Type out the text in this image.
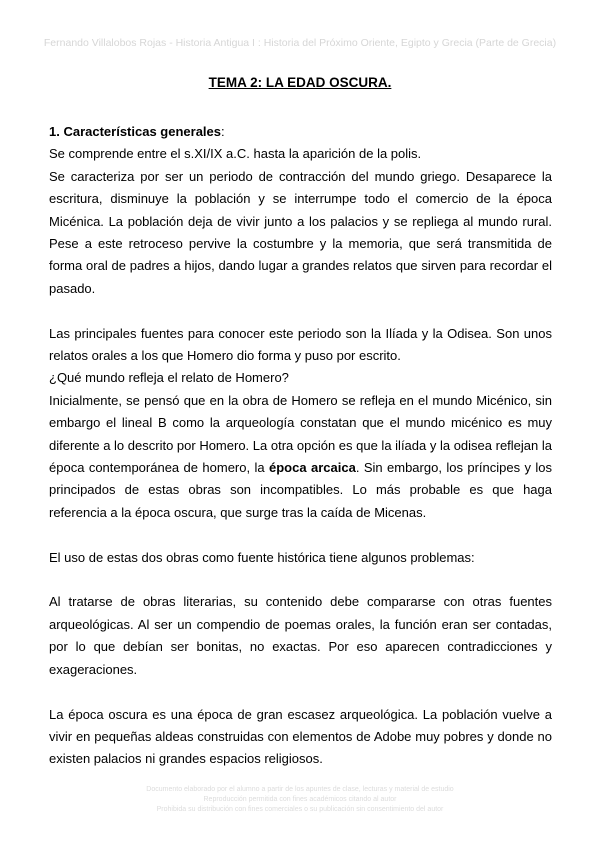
Fernando Villalobos Rojas - Historia Antigua I : Historia del Próximo Oriente, Egipto y Grecia (Parte de Grecia)
TEMA 2: LA EDAD OSCURA.

1. Características generales:

Se comprende entre el s.XI/IX a.C. hasta la aparición de la polis.

Se caracteriza por ser un periodo de contracción del mundo griego. Desaparece la escritura, disminuye la población y se interrumpe todo el comercio de la época Micénica. La población deja de vivir junto a los palacios y se repliega al mundo rural. Pese a este retroceso pervive la costumbre y la memoria, que será transmitida de forma oral de padres a hijos, dando lugar a grandes relatos que sirven para recordar el pasado.

Las principales fuentes para conocer este periodo son la Ilíada y la Odisea. Son unos relatos orales a los que Homero dio forma y puso por escrito.

¿Qué mundo refleja el relato de Homero?

Inicialmente, se pensó que en la obra de Homero se refleja en el mundo Micénico, sin embargo el lineal B como la arqueología constatan que el mundo micénico es muy diferente a lo descrito por Homero. La otra opción es que la ilíada y la odisea reflejan la época contemporánea de homero, la época arcaica. Sin embargo, los príncipes y los principados de estas obras son incompatibles. Lo más probable es que haga referencia a la época oscura, que surge tras la caída de Micenas.

El uso de estas dos obras como fuente histórica tiene algunos problemas:

Al tratarse de obras literarias, su contenido debe compararse con otras fuentes arqueológicas. Al ser un compendio de poemas orales, la función eran ser contadas, por lo que debían ser bonitas, no exactas. Por eso aparecen contradicciones y exageraciones.

La época oscura es una época de gran escasez arqueológica. La población vuelve a vivir en pequeñas aldeas construidas con elementos de Adobe muy pobres y donde no existen palacios ni grandes espacios religiosos.

Documento elaborado por el alumno a partir de los apuntes de clase, lecturas y material de estudio
Reproducción permitida con fines académicos citando al autor
Prohibida su distribución con fines comerciales o su publicación sin consentimiento del autor
